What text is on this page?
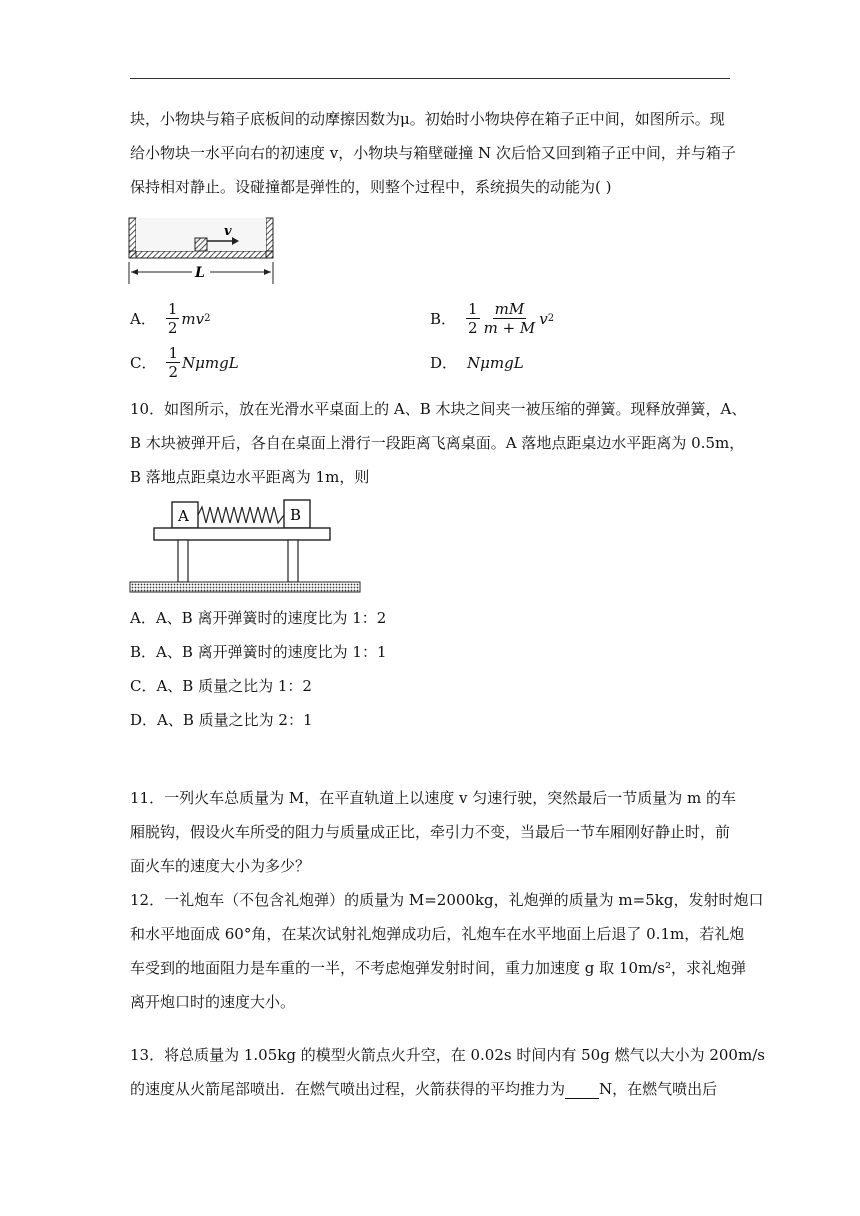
块，小物块与箱子底板间的动摩擦因数为μ。初始时小物块停在箱子正中间，如图所示。现
给小物块一水平向右的初速度 v，小物块与箱壁碰撞 N 次后恰又回到箱子正中间，并与箱子
保持相对静止。设碰撞都是弹性的，则整个过程中，系统损失的动能为( )
v
L
A． $\frac{1}{2}$ mv 2	B． $\frac{1}{2} \frac{mM}{m + M}$ v 2
C． $\frac{1}{2}$ NμmgL	D． NμmgL
10．如图所示，放在光滑水平桌面上的 A、B 木块之间夹一被压缩的弹簧。现释放弹簧，A、
B 木块被弹开后，各自在桌面上滑行一段距离飞离桌面。A 落地点距桌边水平距离为 0.5m，
B 落地点距桌边水平距离为 1m，则
A	B
A．A、B 离开弹簧时的速度比为 1：2
B．A、B 离开弹簧时的速度比为 1：1
C．A、B 质量之比为 1：2
D．A、B 质量之比为 2：1
11．一列火车总质量为 M，在平直轨道上以速度 v 匀速行驶，突然最后一节质量为 m 的车
厢脱钩，假设火车所受的阻力与质量成正比，牵引力不变，当最后一节车厢刚好静止时，前
面火车的速度大小为多少？
12．一礼炮车（不包含礼炮弹）的质量为 M=2000kg，礼炮弹的质量为 m=5kg，发射时炮口
和水平地面成 60°角，在某次试射礼炮弹成功后，礼炮车在水平地面上后退了 0.1m，若礼炮
车受到的地面阻力是车重的一半，不考虑炮弹发射时间，重力加速度 g 取 10m/s²，求礼炮弹
离开炮口时的速度大小。
13．将总质量为 1.05kg 的模型火箭点火升空，在 0.02s 时间内有 50g 燃气以大小为 200m/s
的速度从火箭尾部喷出．在燃气喷出过程，火箭获得的平均推力为 N，在燃气喷出后
